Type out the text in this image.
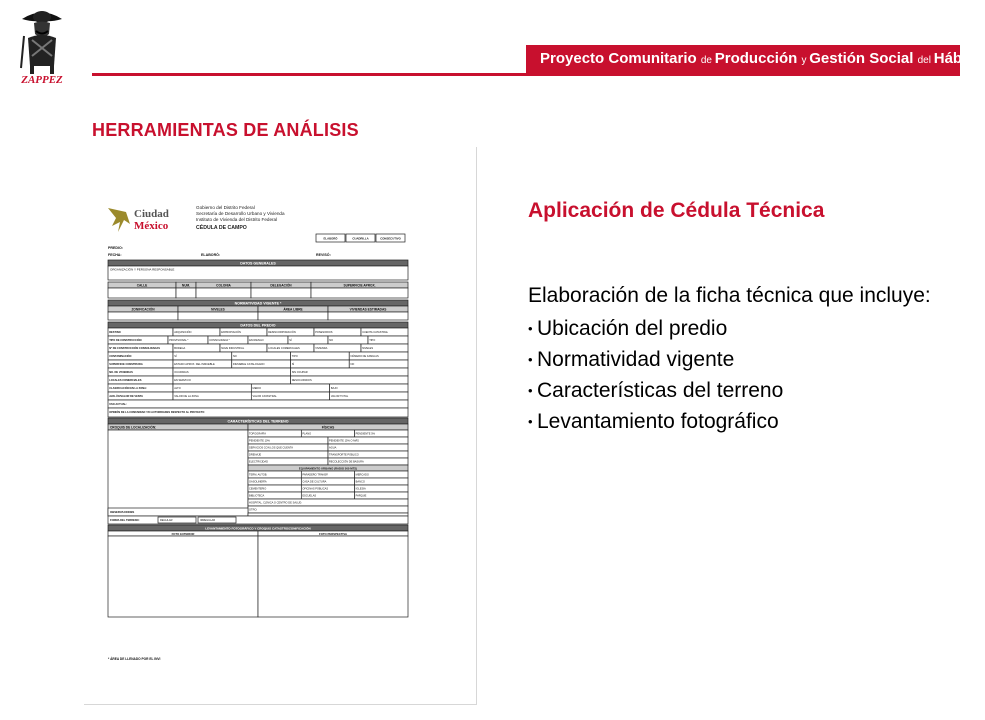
ZAPPEZ
Proyecto Comunitario de Producción y Gestión Social del Hábitat
HERRAMIENTAS DE ANÁLISIS
Ciudad
México
Gobierno del Distrito Federal
Secretaría de Desarrollo Urbano y Vivienda
Instituto de Vivienda del Distrito Federal
CÉDULA DE CAMPO
ELABORÓ	CUADRILLA	CONSECUTIVO
PREDIO:
FECHA:	ELABORÓ:	REVISÓ:
DATOS GENERALES
ORGANIZACIÓN Y PERSONA RESPONSABLE
CALLE	NUM.	COLONIA	DELEGACIÓN	SUPERFICIE APROX.
NORMATIVIDAD VIGENTE *
ZONIFICACIÓN	NIVELES	ÁREA LIBRE	VIVIENDAS ESTIMADAS
DATOS DEL PREDIO
DESTINO	ADQUISICIÓN	EXPROPIACIÓN	DESINCORPORACIÓN	POSESORIOS	CUENTA CATASTRAL
TIPO DE CONSTRUCCIÓN	PROVISIONAL *	CONSOLIDADA *	EN RIESGO	SÍ	NO	TIPO
Nº DE CONSTRUCCIÓN CONSOLIDADAS	BODEGA	NAVE INDUSTRIAL	LOCALES COMERCIALES	VIVIENDA	NIVELES
CONTAMINACIÓN	SÍ	NO	TIPO	NÚMERO DE FAMILIAS
SUPERFICIE CONSTRUIDA	ESTADO APROX. DEL INMUEBLE	INMUEBLE CATALOGADO	SÍ	NO
NO. DE VIVIENDAS	OCUPADAS	SIN OCUPAR
LOCALES COMERCIALES	EN SERVICIO	DESOCUPADOS
CLASIFICACIÓN EN LA ZONA:	ALTO	MEDIO	BAJO
AVALÚO/VALOR DE VENTA	VALOR DE LA ZONA	VALOR CATASTRAL	VALOR TOTAL
USO ACTUAL:
OPINIÓN DE LA COMUNIDAD Y/O AUTORIDADES RESPECTO AL PROYECTO
CARACTERÍSTICAS DEL TERRENO
CROQUIS DE LOCALIZACIÓN:	FÍSICAS
TOPOGRAFÍA	PLANO	PENDIENTE 5%
PENDIENTE 10%	PENDIENTE 15% O MÁS
SERVICIOS CON LOS QUE CUENTA	AGUA
DRENAJE	TRANSPORTE PÚBLICO
ELECTRICIDAD	RECOLECCIÓN DE BASURA
EQUIPAMIENTO URBANO (RADIO 500 MTS)
TERM. AUTOB.	PARADERO TRANSP.	MERCADO
GASOLINERÍA	CASA DE CULTURA	BANCO
CEMENTERIO	OFICINAS PÚBLICAS	IGLESIA
BIBLIOTECA	ESCUELAS	PARQUE
HOSPITAL, CLÍNICA O CENTRO DE SALUD:
OTRO:
OBSERVACIONES
FORMA DEL TERRENO:	REGULAR	IRREGULAR
LEVANTAMIENTO FOTOGRÁFICO Y CROQUIS CATASTRO/ZONIFICACIÓN
FOTO EXTERIOR	FOTO PERSPECTIVA
* ÁREA DE LLENADO POR EL INVI
Aplicación de Cédula Técnica
Elaboración de la ficha técnica que incluye:
• Ubicación del predio
• Normatividad vigente
• Características del terreno
• Levantamiento fotográfico
